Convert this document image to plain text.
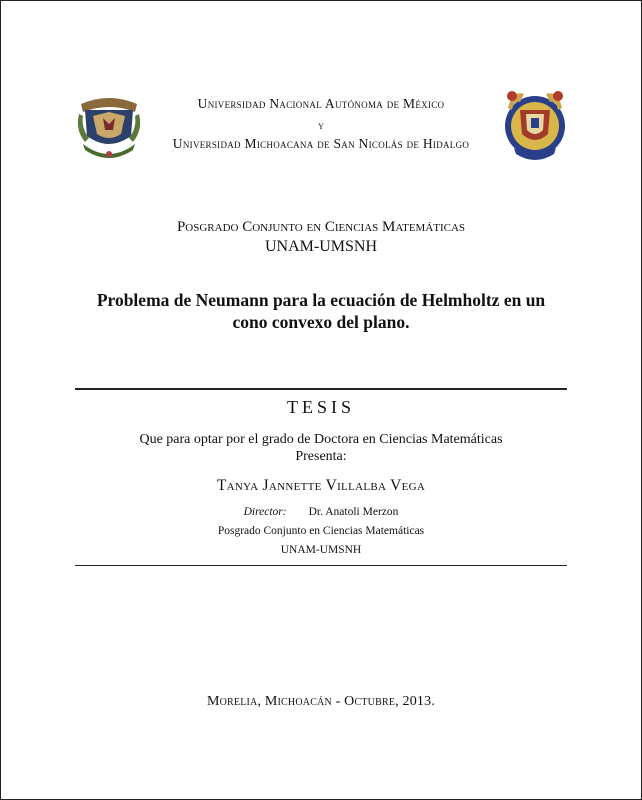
Universidad Nacional Autónoma de México
y
Universidad Michoacana de San Nicolás de Hidalgo
Posgrado Conjunto en Ciencias Matemáticas
UNAM-UMSNH
Problema de Neumann para la ecuación de Helmholtz en un
cono convexo del plano.
TESIS
Que para optar por el grado de Doctora en Ciencias Matemáticas
Presenta:
Tanya Jannette Villalba Vega
Director: Dr. Anatoli Merzon
Posgrado Conjunto en Ciencias Matemáticas
UNAM-UMSNH
Morelia, Michoacán - Octubre, 2013.
